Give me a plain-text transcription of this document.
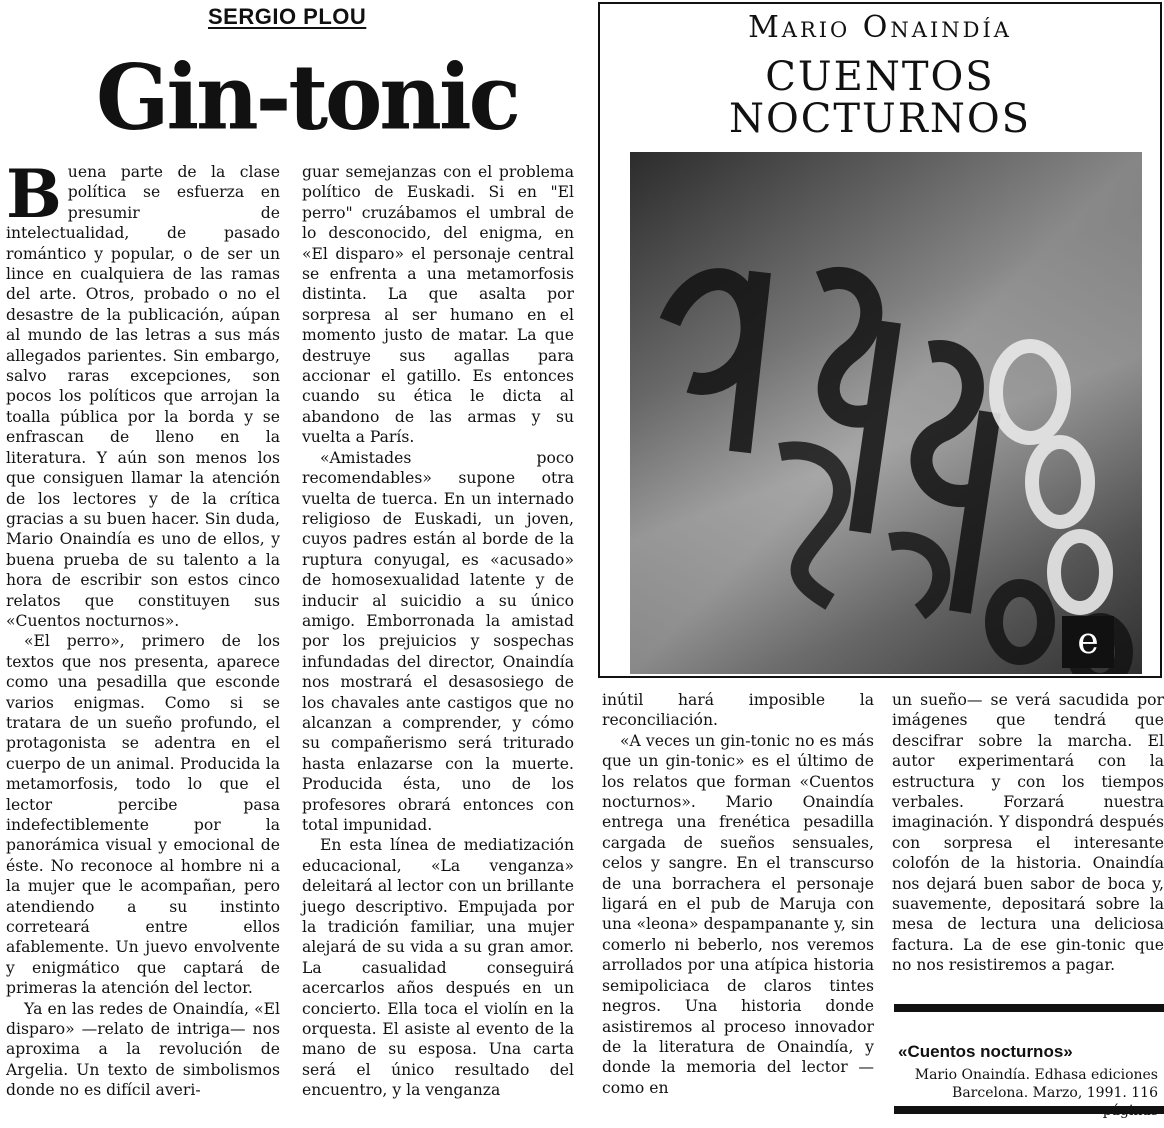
SERGIO PLOU
Gin-tonic

Buena parte de la clase política se esfuerza en presumir de intelectualidad, de pasado romántico y popular, o de ser un lince en cualquiera de las ramas del arte. Otros, probado o no el desastre de la publicación, aúpan al mundo de las letras a sus más allegados parientes. Sin embargo, salvo raras excepciones, son pocos los políticos que arrojan la toalla pública por la borda y se enfrascan de lleno en la literatura. Y aún son menos los que consiguen llamar la atención de los lectores y de la crítica gracias a su buen hacer. Sin duda, Mario Onaindía es uno de ellos, y buena prueba de su talento a la hora de escribir son estos cinco relatos que constituyen sus «Cuentos nocturnos».

«El perro», primero de los textos que nos presenta, aparece como una pesadilla que esconde varios enigmas. Como si se tratara de un sueño profundo, el protagonista se adentra en el cuerpo de un animal. Producida la metamorfosis, todo lo que el lector percibe pasa indefectiblemente por la panorámica visual y emocional de éste. No reconoce al hombre ni a la mujer que le acompañan, pero atendiendo a su instinto correteará entre ellos afablemente. Un juevo envolvente y enigmático que captará de primeras la atención del lector.

Ya en las redes de Onaindía, «El disparo» —relato de intriga— nos aproxima a la revolución de Argelia. Un texto de simbolismos donde no es difícil averi-

guar semejanzas con el problema político de Euskadi. Si en "El perro" cruzábamos el umbral de lo desconocido, del enigma, en «El disparo» el personaje central se enfrenta a una metamorfosis distinta. La que asalta por sorpresa al ser humano en el momento justo de matar. La que destruye sus agallas para accionar el gatillo. Es entonces cuando su ética le dicta al abandono de las armas y su vuelta a París.

«Amistades poco recomendables» supone otra vuelta de tuerca. En un internado religioso de Euskadi, un joven, cuyos padres están al borde de la ruptura conyugal, es «acusado» de homosexualidad latente y de inducir al suicidio a su único amigo. Emborronada la amistad por los prejuicios y sospechas infundadas del director, Onaindía nos mostrará el desasosiego de los chavales ante castigos que no alcanzan a comprender, y cómo su compañerismo será triturado hasta enlazarse con la muerte. Producida ésta, uno de los profesores obrará entonces con total impunidad.

En esta línea de mediatización educacional, «La venganza» deleitará al lector con un brillante juego descriptivo. Empujada por la tradición familiar, una mujer alejará de su vida a su gran amor. La casualidad conseguirá acercarlos años después en un concierto. Ella toca el violín en la orquesta. El asiste al evento de la mano de su esposa. Una carta será el único resultado del encuentro, y la venganza

Mario Onaindía
CUENTOS
NOCTURNOS
e

inútil hará imposible la reconciliación.

«A veces un gin-tonic no es más que un gin-tonic» es el último de los relatos que forman «Cuentos nocturnos». Mario Onaindía entrega una frenética pesadilla cargada de sueños sensuales, celos y sangre. En el transcurso de una borrachera el personaje ligará en el pub de Maruja con una «leona» despampanante y, sin comerlo ni beberlo, nos veremos arrollados por una atípica historia semipoliciaca de claros tintes negros. Una historia donde asistiremos al proceso innovador de la literatura de Onaindía, y donde la memoria del lector —como en

un sueño— se verá sacudida por imágenes que tendrá que descifrar sobre la marcha. El autor experimentará con la estructura y con los tiempos verbales. Forzará nuestra imaginación. Y dispondrá después con sorpresa el interesante colofón de la historia. Onaindía nos dejará buen sabor de boca y, suavemente, depositará sobre la mesa de lectura una deliciosa factura. La de ese gin-tonic que no nos resistiremos a pagar.

«Cuentos nocturnos»
Mario Onaindía. Edhasa ediciones
Barcelona. Marzo, 1991. 116
